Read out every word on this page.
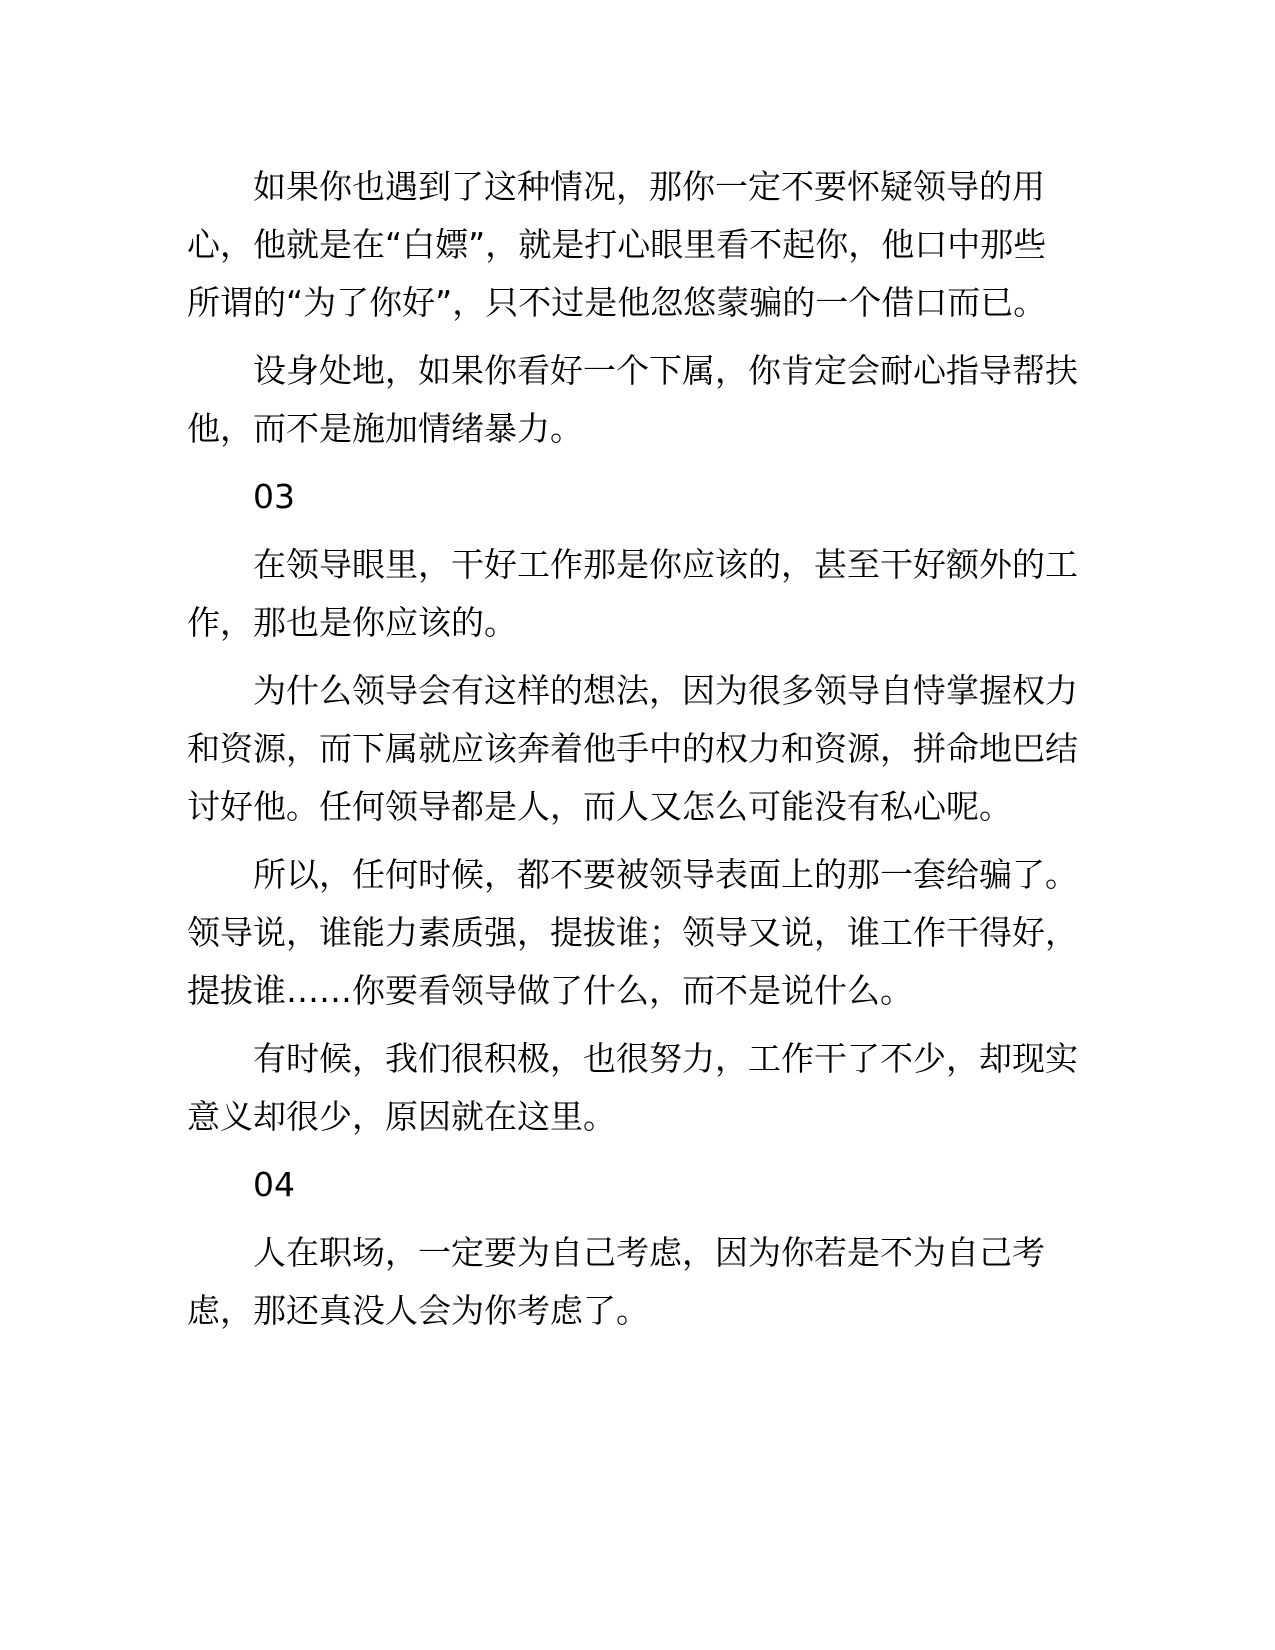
如果你也遇到了这种情况，那你一定不要怀疑领导的用
心，他就是在“白嫖”，就是打心眼里看不起你，他口中那些
所谓的“为了你好”，只不过是他忽悠蒙骗的一个借口而已。
设身处地，如果你看好一个下属，你肯定会耐心指导帮扶
他，而不是施加情绪暴力。
03
在领导眼里，干好工作那是你应该的，甚至干好额外的工
作，那也是你应该的。
为什么领导会有这样的想法，因为很多领导自恃掌握权力
和资源，而下属就应该奔着他手中的权力和资源，拼命地巴结
讨好他。任何领导都是人，而人又怎么可能没有私心呢。
所以，任何时候，都不要被领导表面上的那一套给骗了。
领导说，谁能力素质强，提拔谁；领导又说，谁工作干得好，
提拔谁……你要看领导做了什么，而不是说什么。
有时候，我们很积极，也很努力，工作干了不少，却现实
意义却很少，原因就在这里。
04
人在职场，一定要为自己考虑，因为你若是不为自己考
虑，那还真没人会为你考虑了。
